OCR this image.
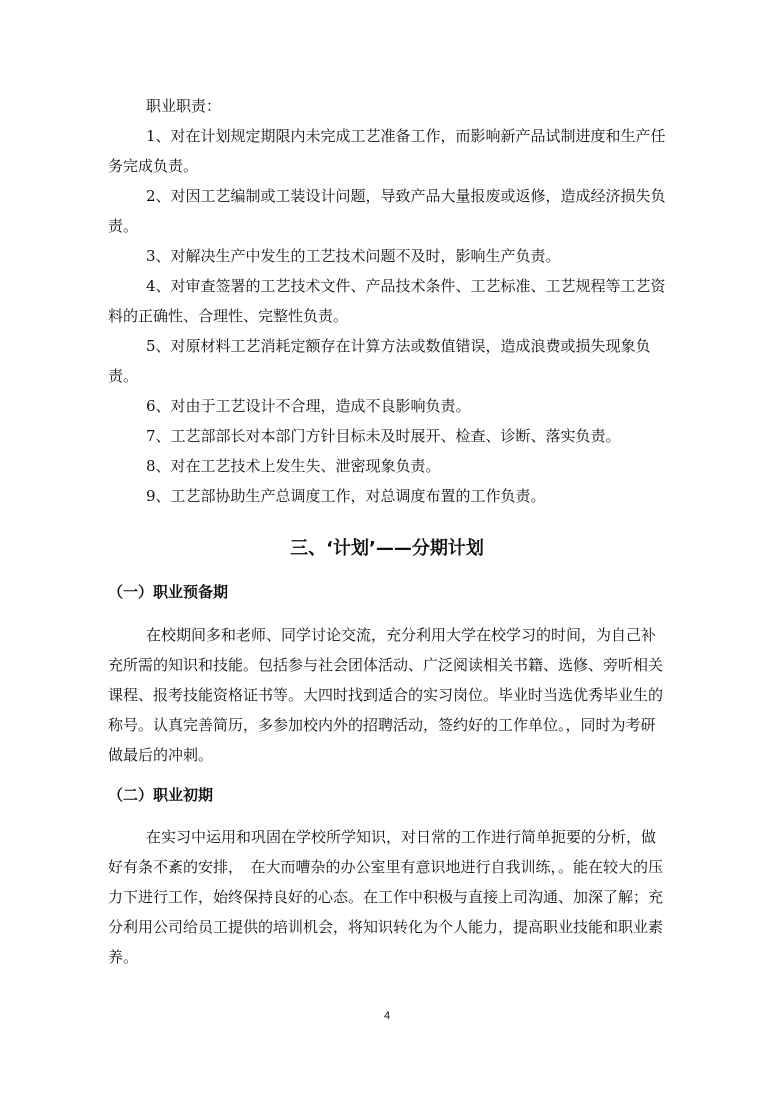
职业职责：

1、对在计划规定期限内未完成工艺准备工作，而影响新产品试制进度和生产任务完成负责。

2、对因工艺编制或工装设计问题，导致产品大量报废或返修，造成经济损失负责。

3、对解决生产中发生的工艺技术问题不及时，影响生产负责。

4、对审查签署的工艺技术文件、产品技术条件、工艺标准、工艺规程等工艺资料的正确性、合理性、完整性负责。

5、对原材料工艺消耗定额存在计算方法或数值错误，造成浪费或损失现象负责。

6、对由于工艺设计不合理，造成不良影响负责。

7、工艺部部长对本部门方针目标未及时展开、检查、诊断、落实负责。

8、对在工艺技术上发生失、泄密现象负责。

9、工艺部协助生产总调度工作，对总调度布置的工作负责。

三、‘计划’——分期计划
（一）职业预备期

在校期间多和老师、同学讨论交流，充分利用大学在校学习的时间，为自己补充所需的知识和技能。包括参与社会团体活动、广泛阅读相关书籍、选修、旁听相关课程、报考技能资格证书等。大四时找到适合的实习岗位。毕业时当选优秀毕业生的称号。认真完善简历，多参加校内外的招聘活动，签约好的工作单位。，同时为考研做最后的冲刺。

（二）职业初期

在实习中运用和巩固在学校所学知识，对日常的工作进行简单扼要的分析，做好有条不紊的安排，　在大而嘈杂的办公室里有意识地进行自我训练，。能在较大的压力下进行工作，始终保持良好的心态。在工作中积极与直接上司沟通、加深了解；充分利用公司给员工提供的培训机会，将知识转化为个人能力，提高职业技能和职业素养。

4
